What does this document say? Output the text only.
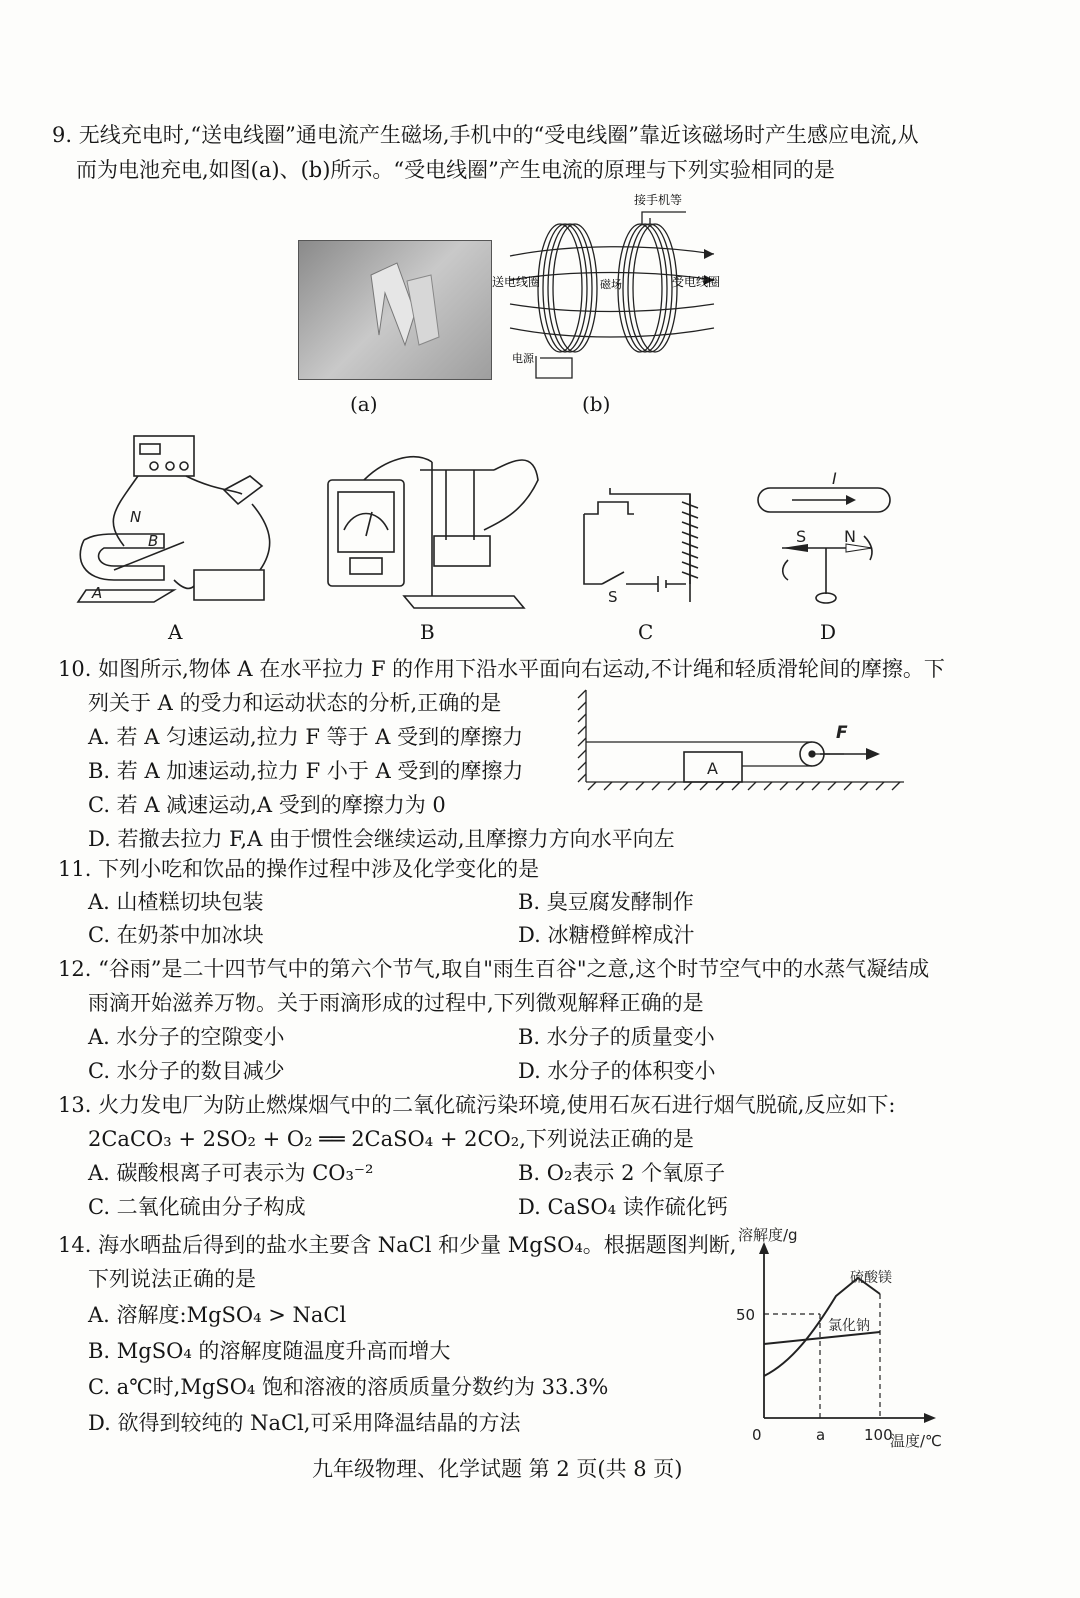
9. 无线充电时,“送电线圈”通电流产生磁场,手机中的“受电线圈”靠近该磁场时产生感应电流,从
而为电池充电,如图(a)、(b)所示。“受电线圈”产生电流的原理与下列实验相同的是
(a)
接手机等
送电线圈	磁场	受电线圈
电源
(b)
N
B
A	S
I
S N
A	B	C	D
10. 如图所示,物体 A 在水平拉力 F 的作用下沿水平面向右运动,不计绳和轻质滑轮间的摩擦。下
列关于 A 的受力和运动状态的分析,正确的是
A. 若 A 匀速运动,拉力 F 等于 A 受到的摩擦力
B. 若 A 加速运动,拉力 F 小于 A 受到的摩擦力
C. 若 A 减速运动,A 受到的摩擦力为 0
D. 若撤去拉力 F,A 由于惯性会继续运动,且摩擦力方向水平向左
A
F
11. 下列小吃和饮品的操作过程中涉及化学变化的是
A. 山楂糕切块包装	B. 臭豆腐发酵制作
C. 在奶茶中加冰块	D. 冰糖橙鲜榨成汁
12. “谷雨”是二十四节气中的第六个节气,取自"雨生百谷"之意,这个时节空气中的水蒸气凝结成
雨滴开始滋养万物。关于雨滴形成的过程中,下列微观解释正确的是
A. 水分子的空隙变小	B. 水分子的质量变小
C. 水分子的数目减少	D. 水分子的体积变小
13. 火力发电厂为防止燃煤烟气中的二氧化硫污染环境,使用石灰石进行烟气脱硫,反应如下:
2CaCO₃ + 2SO₂ + O₂ ══ 2CaSO₄ + 2CO₂,下列说法正确的是
A. 碳酸根离子可表示为 CO₃⁻²	B. O₂表示 2 个氧原子
C. 二氧化硫由分子构成	D. CaSO₄ 读作硫化钙
14. 海水晒盐后得到的盐水主要含 NaCl 和少量 MgSO₄。根据题图判断,
下列说法正确的是
A. 溶解度:MgSO₄ > NaCl
B. MgSO₄ 的溶解度随温度升高而增大
C. a℃时,MgSO₄ 饱和溶液的溶质质量分数约为 33.3%
D. 欲得到较纯的 NaCl,可采用降温结晶的方法
溶解度/g
50
硫酸镁
氯化钠
0	a	100
温度/℃
九年级物理、化学试题 第 2 页(共 8 页)
